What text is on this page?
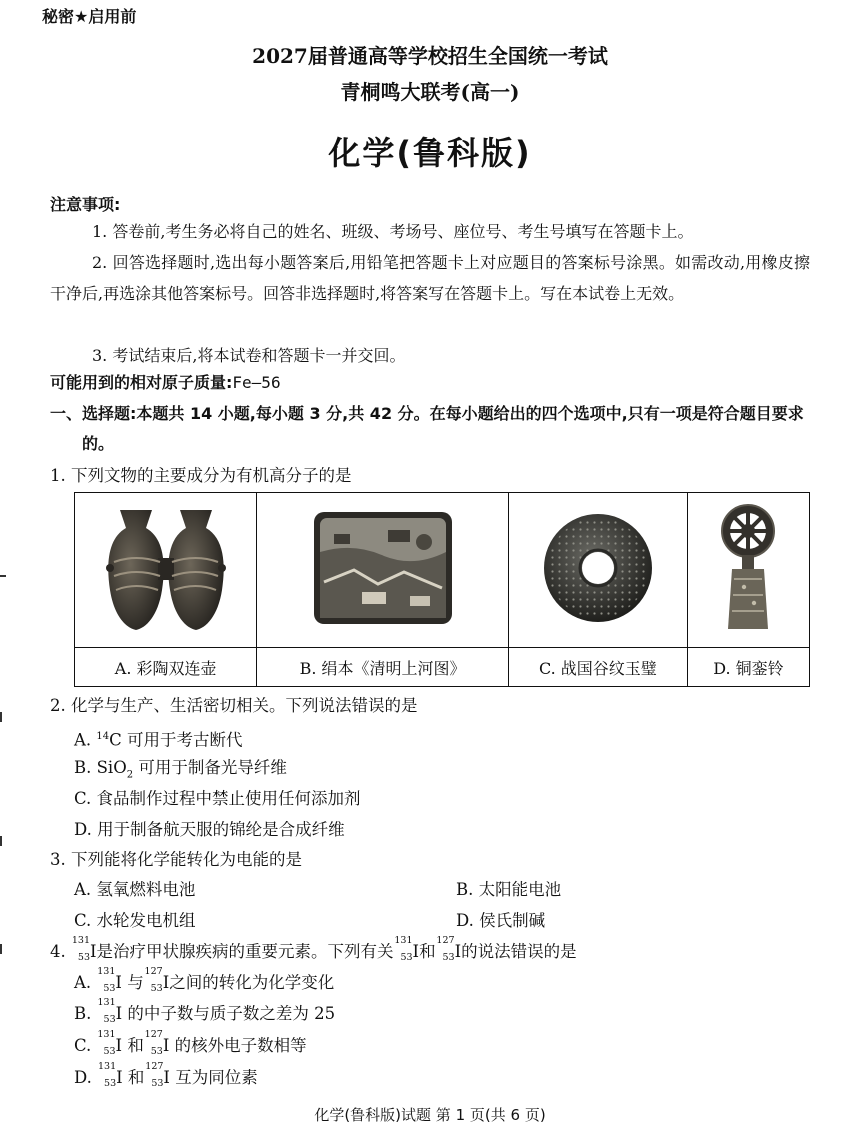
秘密★启用前
2027届普通高等学校招生全国统一考试
青桐鸣大联考(高一)
化学(鲁科版)
注意事项:
1. 答卷前,考生务必将自己的姓名、班级、考场号、座位号、考生号填写在答题卡上。
2. 回答选择题时,选出每小题答案后,用铅笔把答题卡上对应题目的答案标号涂黑。如需改动,用橡皮擦干净后,再选涂其他答案标号。回答非选择题时,将答案写在答题卡上。写在本试卷上无效。
3. 考试结束后,将本试卷和答题卡一并交回。
可能用到的相对原子质量:Fe—56
一、选择题:本题共 14 小题,每小题 3 分,共 42 分。在每小题给出的四个选项中,只有一项是符合题目要求的。
1. 下列文物的主要成分为有机高分子的是

A. 彩陶双连壶	B. 绢本《清明上河图》	C. 战国谷纹玉璧	D. 铜銮铃
2. 化学与生产、生活密切相关。下列说法错误的是
A. $^{14}$C 可用于考古断代
B. SiO$_2$ 可用于制备光导纤维
C. 食品制作过程中禁止使用任何添加剂
D. 用于制备航天服的锦纶是合成纤维
3. 下列能将化学能转化为电能的是
A. 氢氧燃料电池	B. 太阳能电池
C. 水轮发电机组	D. 侯氏制碱
4.
131
53 I是治疗甲状腺疾病的重要元素。下列有关
131
53 I和
127
53 I的说法错误的是
A.
131
53 I 与
127
53 I之间的转化为化学变化
B.
131
53 I 的中子数与质子数之差为 25
C.
131
53 I 和
127
53 I 的核外电子数相等
D.
131
53 I 和
127
53 I 互为同位素
化学(鲁科版)试题 第 1 页(共 6 页)
